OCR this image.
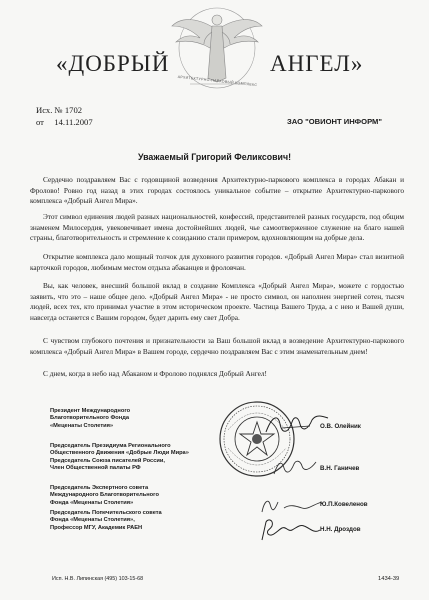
«ДОБРЫЙ	АНГЕЛ»
АРХИТЕКТУРНО-ПАРКОВЫЙ КОМПЛЕКС
Исх. № 1702
от 14.11.2007	ЗАО "ОВИОНТ ИНФОРМ"
Уважаемый Григорий Феликсович!

Сердечно поздравляем Вас с годовщиной возведения Архитектурно-паркового комплекса в городах Абакан и Фролово! Ровно год назад в этих городах состоялось уникальное событие – открытие Архитектурно-паркового комплекса «Добрый Ангел Мира».

Этот символ единения людей разных национальностей, конфессий, представителей разных государств, под общим знаменем Милосердия, увековечивает имена достойнейших людей, чье самоотверженное служение на благо нашей страны, благотворительность и стремление к созиданию стали примером, вдохновляющим на добрые дела.

Открытие комплекса дало мощный толчок для духовного развития городов. «Добрый Ангел Мира» стал визитной карточкой городов, любимым местом отдыха абаканцев и фроловчан.

Вы, как человек, внесший большой вклад в создание Комплекса «Добрый Ангел Мира», можете с гордостью заявить, что это – наше общее дело. «Добрый Ангел Мира» - не просто символ, он наполнен энергией сотен, тысяч людей, всех тех, кто принимал участие в этом историческом проекте. Частица Вашего Труда, а с нею и Вашей души, навсегда останется с Вашим городом, будет дарить ему свет Добра.

С чувством глубокого почтения и признательности за Ваш большой вклад в возведение Архитектурно-паркового комплекса «Добрый Ангел Мира» в Вашем городе, сердечно поздравляем Вас с этим знаменательным днем!

С днем, когда в небо над Абаканом и Фролово поднялся Добрый Ангел!

Президент Международного
Благотворительного Фонда
«Меценаты Столетия»	О.В. Олейник
Председатель Президиума Регионального
Общественного Движения «Добрые Люди Мира»
Председатель Союза писателей России,
Член Общественной палаты РФ	В.Н. Ганичев
Председатель Экспертного совета
Международного Благотворительного
Фонда «Меценаты Столетия»	Ю.П.Ковеленов
Председатель Попечительского совета
Фонда «Меценаты Столетия»,
Профессор МГУ, Академик РАЕН	Н.Н. Дроздов
Исп. Н.В. Липинская (495) 103-15-68	1434-39
